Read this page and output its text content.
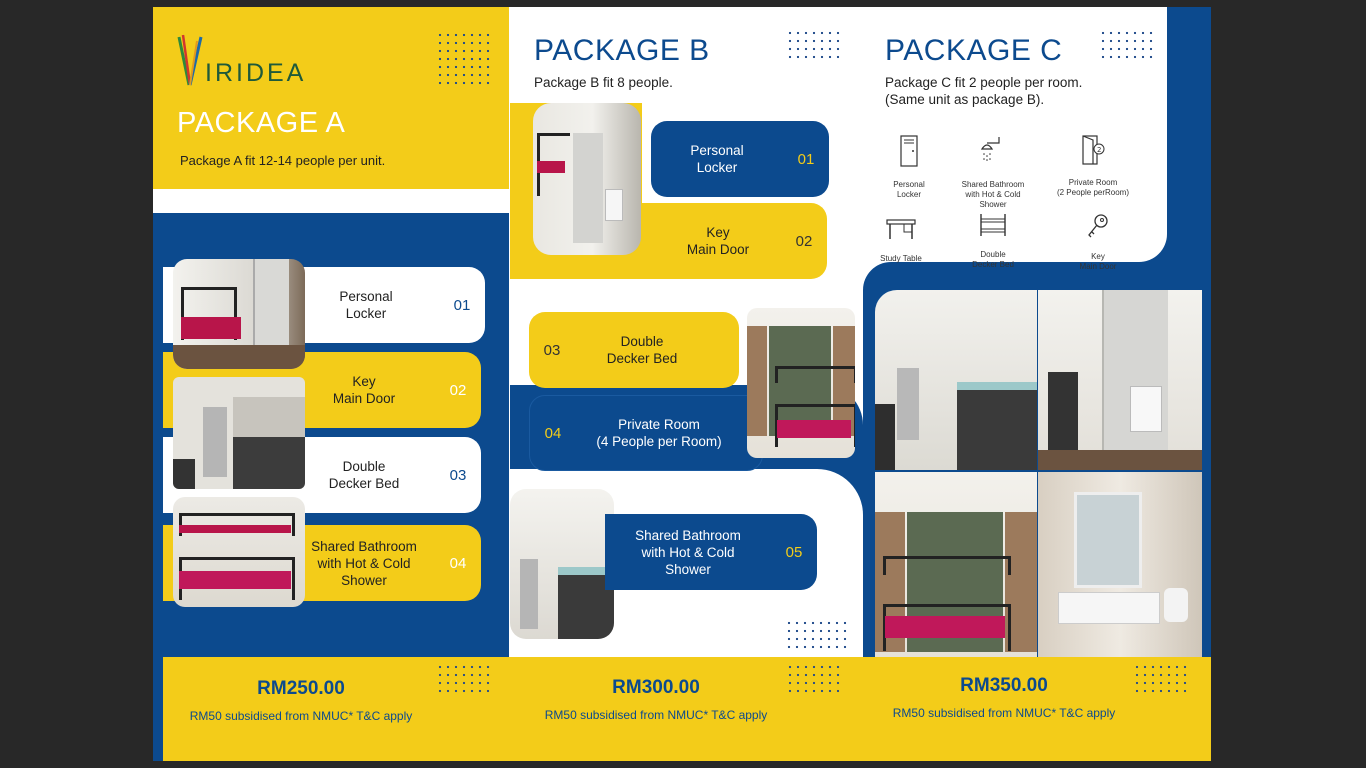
IRIDEA
PACKAGE A
Package A fit 12-14 people per unit.
Personal
Locker	01
Key
Main Door	02
Double
Decker Bed	03
Shared Bathroom
with Hot & Cold
Shower
04
PACKAGE B
Package B fit 8 people.
Personal
Locker	01
Key
Main Door	02
03	Double
Decker Bed
04	Private Room
(4 People per Room)
Shared Bathroom
with Hot & Cold
Shower
05
PACKAGE C
Package C fit 2 people per room.
(Same unit as package B).

Personal
Locker

Shared Bathroom
with Hot & Cold
Shower

2

Private Room
(2 People perRoom)

Study Table	Double
Decker Bed

Key
Main Door

RM250.00
RM50 subsidised from NMUC* T&C apply
RM300.00
RM50 subsidised from NMUC* T&C apply
RM350.00
RM50 subsidised from NMUC* T&C apply
